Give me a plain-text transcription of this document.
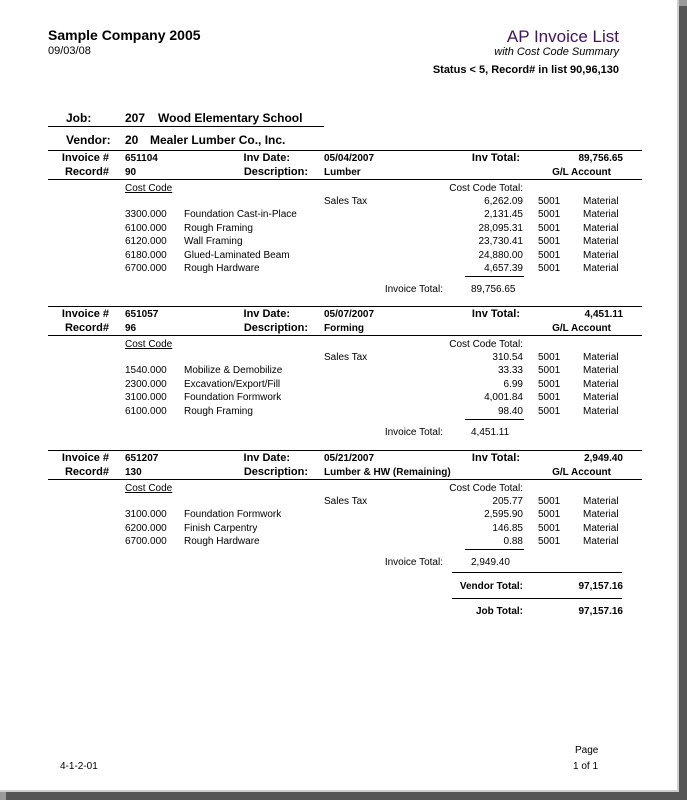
Sample Company 2005
09/03/08
AP Invoice List
with Cost Code Summary
Status < 5, Record# in list 90,96,130
Job:	207 Wood Elementary School
Vendor: 20 Mealer Lumber Co., Inc.
Invoice # 651104	Inv Date:	05/04/2007	Inv Total:	89,756.65
Record# 90	Description: Lumber	G/L Account
Cost Code	Cost Code Total:
Sales Tax	6,262.09 5001 Material
3300.000 Foundation Cast-in-Place	2,131.45 5001 Material
6100.000 Rough Framing	28,095.31 5001 Material
6120.000 Wall Framing	23,730.41 5001 Material
6180.000 Glued-Laminated Beam	24,880.00 5001 Material
6700.000 Rough Hardware	4,657.39 5001 Material
Invoice Total:	89,756.65
Invoice # 651057	Inv Date:	05/07/2007	Inv Total:	4,451.11
Record# 96	Description: Forming	G/L Account
Cost Code	Cost Code Total:
Sales Tax	310.54 5001 Material
1540.000 Mobilize & Demobilize	33.33 5001 Material
2300.000 Excavation/Export/Fill	6.99 5001 Material
3100.000 Foundation Formwork	4,001.84 5001 Material
6100.000 Rough Framing	98.40 5001 Material
Invoice Total:	4,451.11
Invoice # 651207	Inv Date:	05/21/2007	Inv Total:	2,949.40
Record# 130	Description: Lumber & HW (Remaining)	G/L Account
Cost Code	Cost Code Total:
Sales Tax	205.77 5001 Material
3100.000 Foundation Formwork	2,595.90 5001 Material
6200.000 Finish Carpentry	146.85 5001 Material
6700.000 Rough Hardware	0.88 5001 Material
Invoice Total:	2,949.40
Vendor Total:	97,157.16
Job Total:	97,157.16
4-1-2-01
Page
1 of 1
